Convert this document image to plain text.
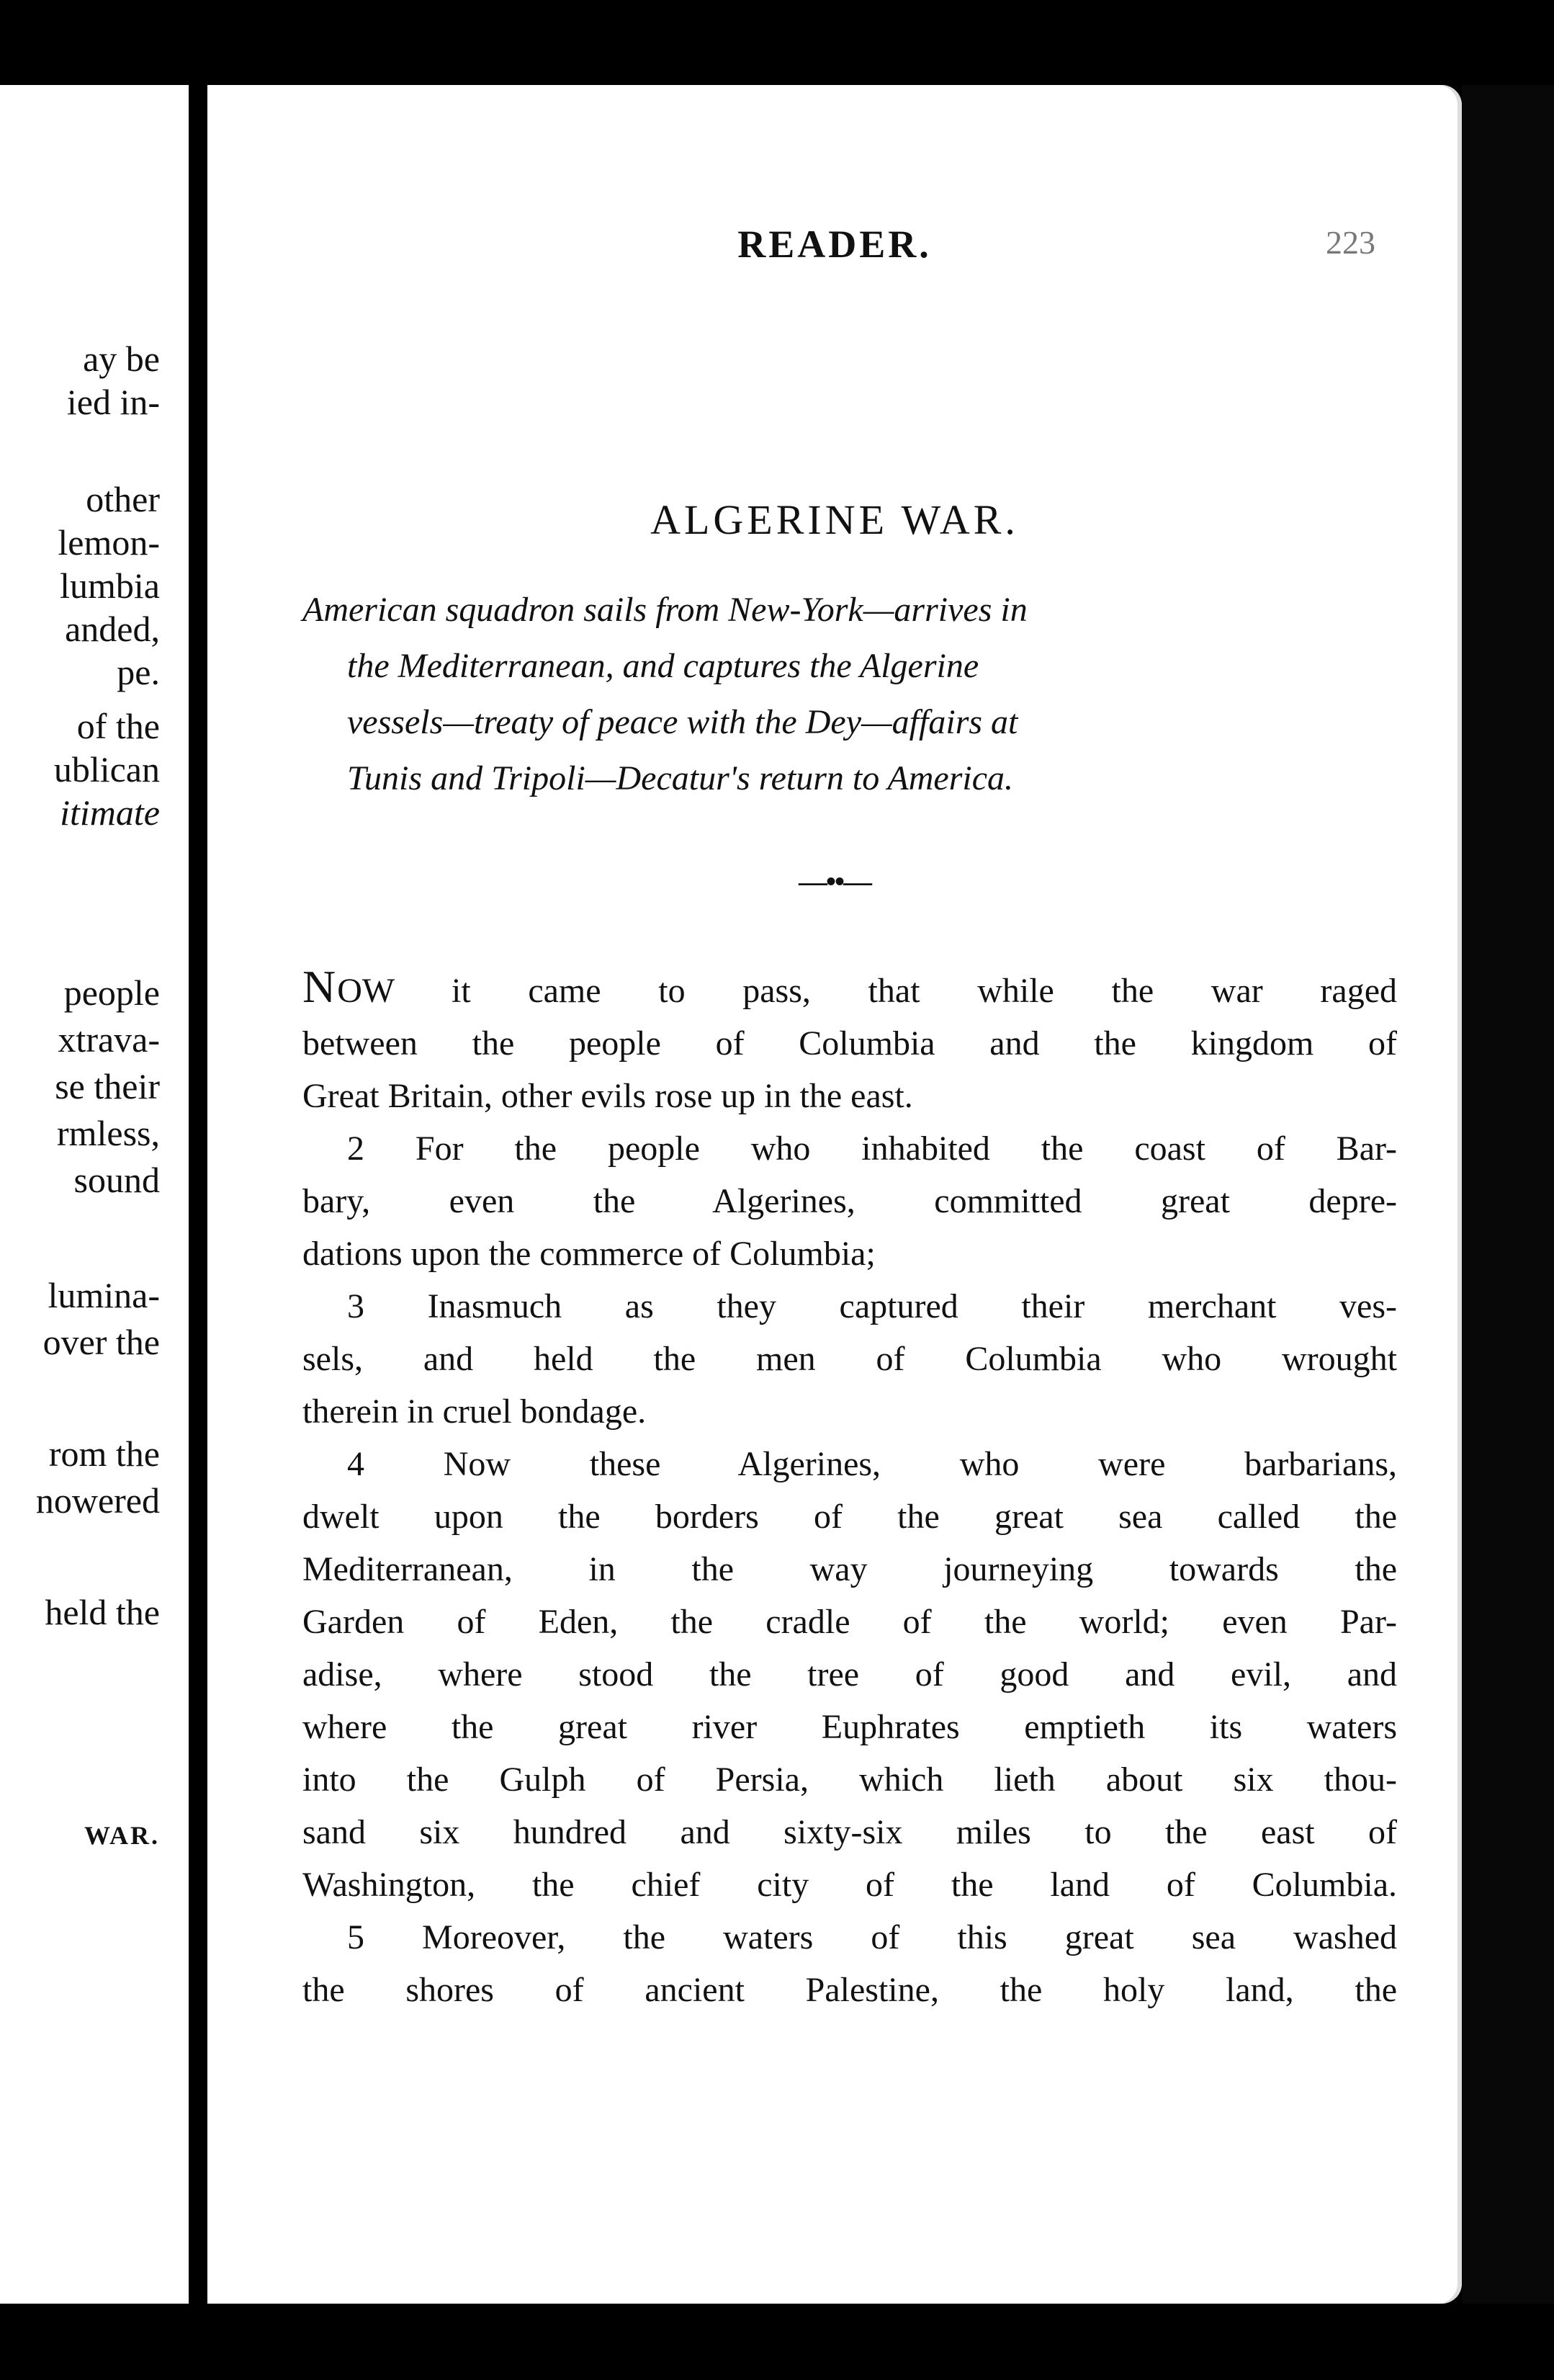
ay be
ied in-
other
lemon-
lumbia
anded,
pe.
of the
ublican
itimate
people
xtrava-
se their
rmless,
sound
lumina-
over the
rom the
nowered
held the
WAR.
READER.	223
ALGERINE WAR.
American squadron sails from New-York—arrives in
the Mediterranean, and captures the Algerine
vessels—treaty of peace with the Dey—affairs at
Tunis and Tripoli—Decatur's return to America.
—••—
NOW it came to pass, that while the war raged
between the people of Columbia and the kingdom of
Great Britain, other evils rose up in the east.
2 For the people who inhabited the coast of Bar-
bary, even the Algerines, committed great depre-
dations upon the commerce of Columbia;
3 Inasmuch as they captured their merchant ves-
sels, and held the men of Columbia who wrought
therein in cruel bondage.
4 Now these Algerines, who were barbarians,
dwelt upon the borders of the great sea called the
Mediterranean, in the way journeying towards the
Garden of Eden, the cradle of the world; even Par-
adise, where stood the tree of good and evil, and
where the great river Euphrates emptieth its waters
into the Gulph of Persia, which lieth about six thou-
sand six hundred and sixty-six miles to the east of
Washington, the chief city of the land of Columbia.
5 Moreover, the waters of this great sea washed
the shores of ancient Palestine, the holy land, the
